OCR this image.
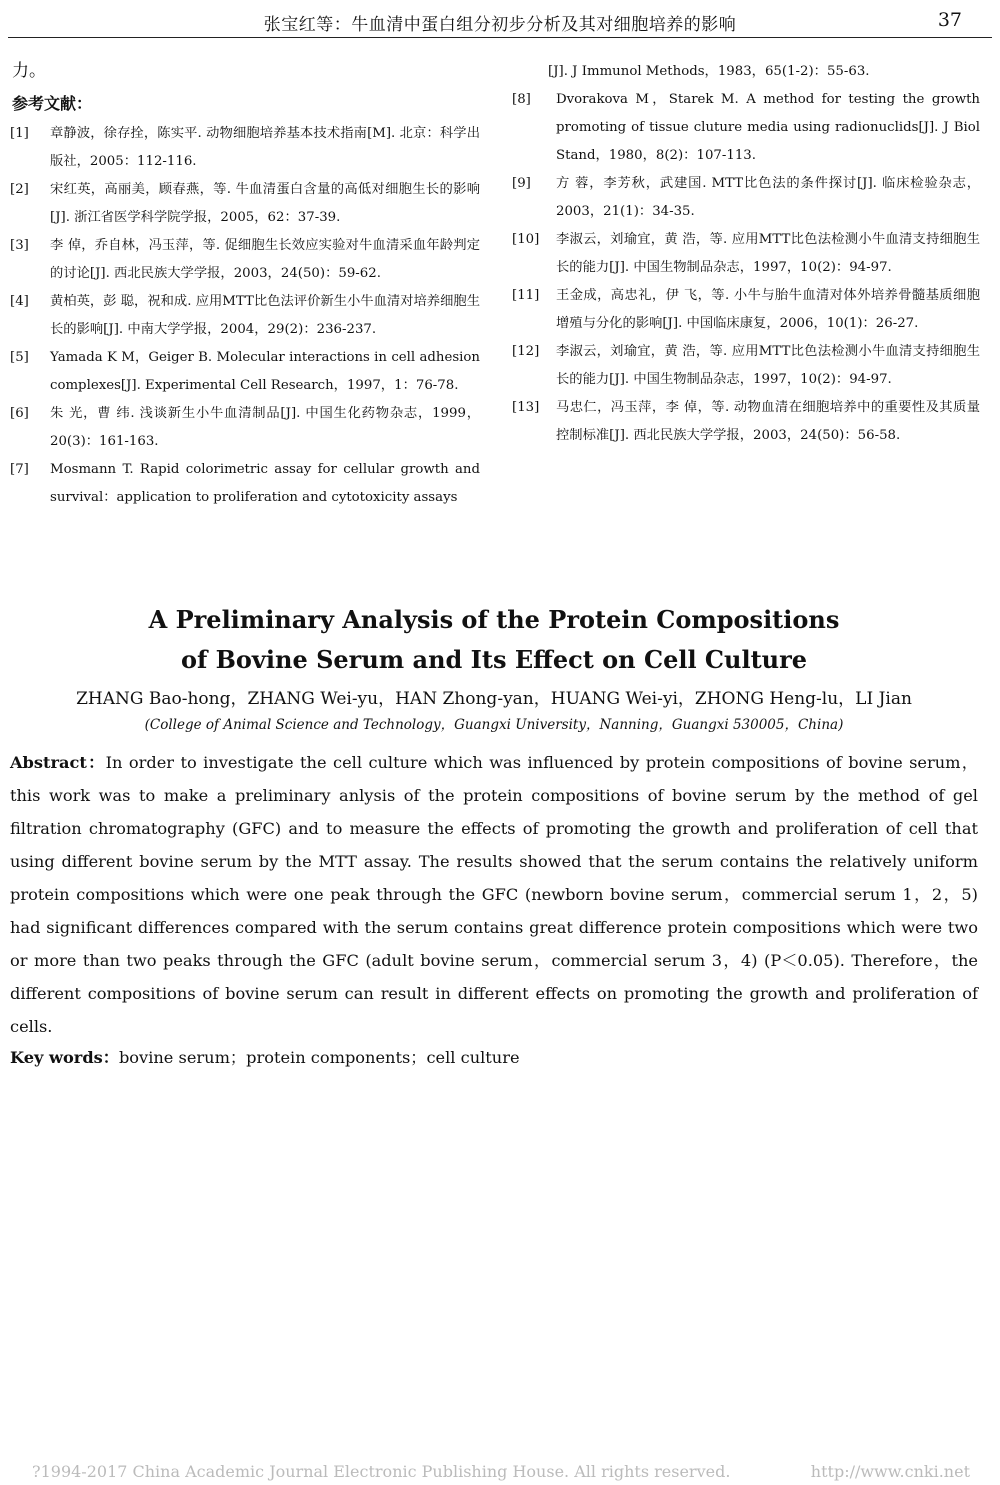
张宝红等：牛血清中蛋白组分初步分析及其对细胞培养的影响	37

力。

参考文献：

[1]	章静波，徐存拴，陈实平. 动物细胞培养基本技术指南[M]. 北京：科学出版社，2005：112-116.
[2]	宋红英，高丽美，顾春燕，等. 牛血清蛋白含量的高低对细胞生长的影响[J]. 浙江省医学科学院学报，2005，62：37-39.
[3]	李 倬，乔自林，冯玉萍，等. 促细胞生长效应实验对牛血清采血年龄判定的讨论[J]. 西北民族大学学报，2003，24(50)：59-62.
[4]	黄柏英，彭 聪，祝和成. 应用MTT比色法评价新生小牛血清对培养细胞生长的影响[J]. 中南大学学报，2004，29(2)：236-237.
[5]	Yamada K M，Geiger B. Molecular interactions in cell adhesion complexes[J]. Experimental Cell Research，1997，1：76-78.
[6]	朱 光，曹 纬. 浅谈新生小牛血清制品[J]. 中国生化药物杂志，1999，20(3)：161-163.
[7]	Mosmann T. Rapid colorimetric assay for cellular growth and survival：application to proliferation and cytotoxicity assays
[J]. J Immunol Methods，1983，65(1-2)：55-63.
[8]	Dvorakova M，Starek M. A method for testing the growth promoting of tissue cluture media using radionuclids[J]. J Biol Stand，1980，8(2)：107-113.
[9]	方 蓉，李芳秋，武建国. MTT比色法的条件探讨[J]. 临床检验杂志，2003，21(1)：34-35.
[10]	李淑云，刘瑜宜，黄 浩，等. 应用MTT比色法检测小牛血清支持细胞生长的能力[J]. 中国生物制品杂志，1997，10(2)：94-97.
[11]	王金成，高忠礼，伊 飞，等. 小牛与胎牛血清对体外培养骨髓基质细胞增殖与分化的影响[J]. 中国临床康复，2006，10(1)：26-27.
[12]	李淑云，刘瑜宜，黄 浩，等. 应用MTT比色法检测小牛血清支持细胞生长的能力[J]. 中国生物制品杂志，1997，10(2)：94-97.
[13]	马忠仁，冯玉萍，李 倬，等. 动物血清在细胞培养中的重要性及其质量控制标准[J]. 西北民族大学学报，2003，24(50)：56-58.

A Preliminary Analysis of the Protein Compositions

of Bovine Serum and Its Effect on Cell Culture

ZHANG Bao-hong，ZHANG Wei-yu，HAN Zhong-yan，HUANG Wei-yi，ZHONG Heng-lu，LI Jian

(College of Animal Science and Technology，Guangxi University，Nanning，Guangxi 530005，China)

Abstract：In order to investigate the cell culture which was influenced by protein compositions of bovine serum，this work was to make a preliminary anlysis of the protein compositions of bovine serum by the method of gel filtration chromatography (GFC) and to measure the effects of promoting the growth and proliferation of cell that using different bovine serum by the MTT assay. The results showed that the serum contains the relatively uniform protein compositions which were one peak through the GFC (newborn bovine serum，commercial serum 1，2，5) had significant differences compared with the serum contains great difference protein compositions which were two or more than two peaks through the GFC (adult bovine serum，commercial serum 3，4) (P＜0.05). Therefore，the different compositions of bovine serum can result in different effects on promoting the growth and proliferation of cells.

Key words：bovine serum；protein components；cell culture

?1994-2017 China Academic Journal Electronic Publishing House. All rights reserved.	http://www.cnki.net
